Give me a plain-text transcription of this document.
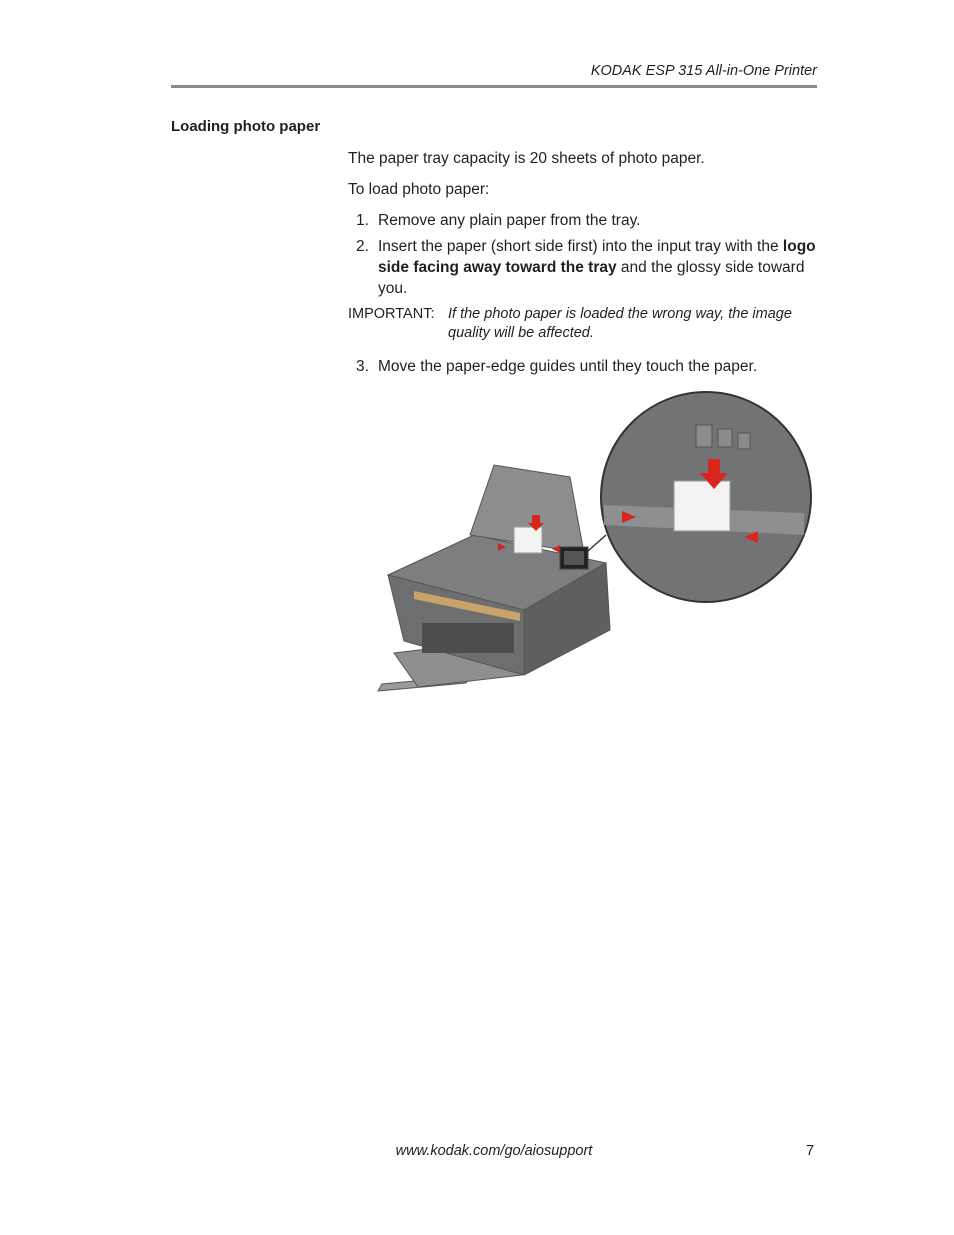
KODAK ESP 315 All-in-One Printer
Loading photo paper
The paper tray capacity is 20 sheets of photo paper.
To load photo paper:
1. Remove any plain paper from the tray.
2. Insert the paper (short side first) into the input tray with the logo side facing away toward the tray and the glossy side toward you.
IMPORTANT: If the photo paper is loaded the wrong way, the image quality will be affected.
3. Move the paper-edge guides until they touch the paper.
www.kodak.com/go/aiosupport	7
